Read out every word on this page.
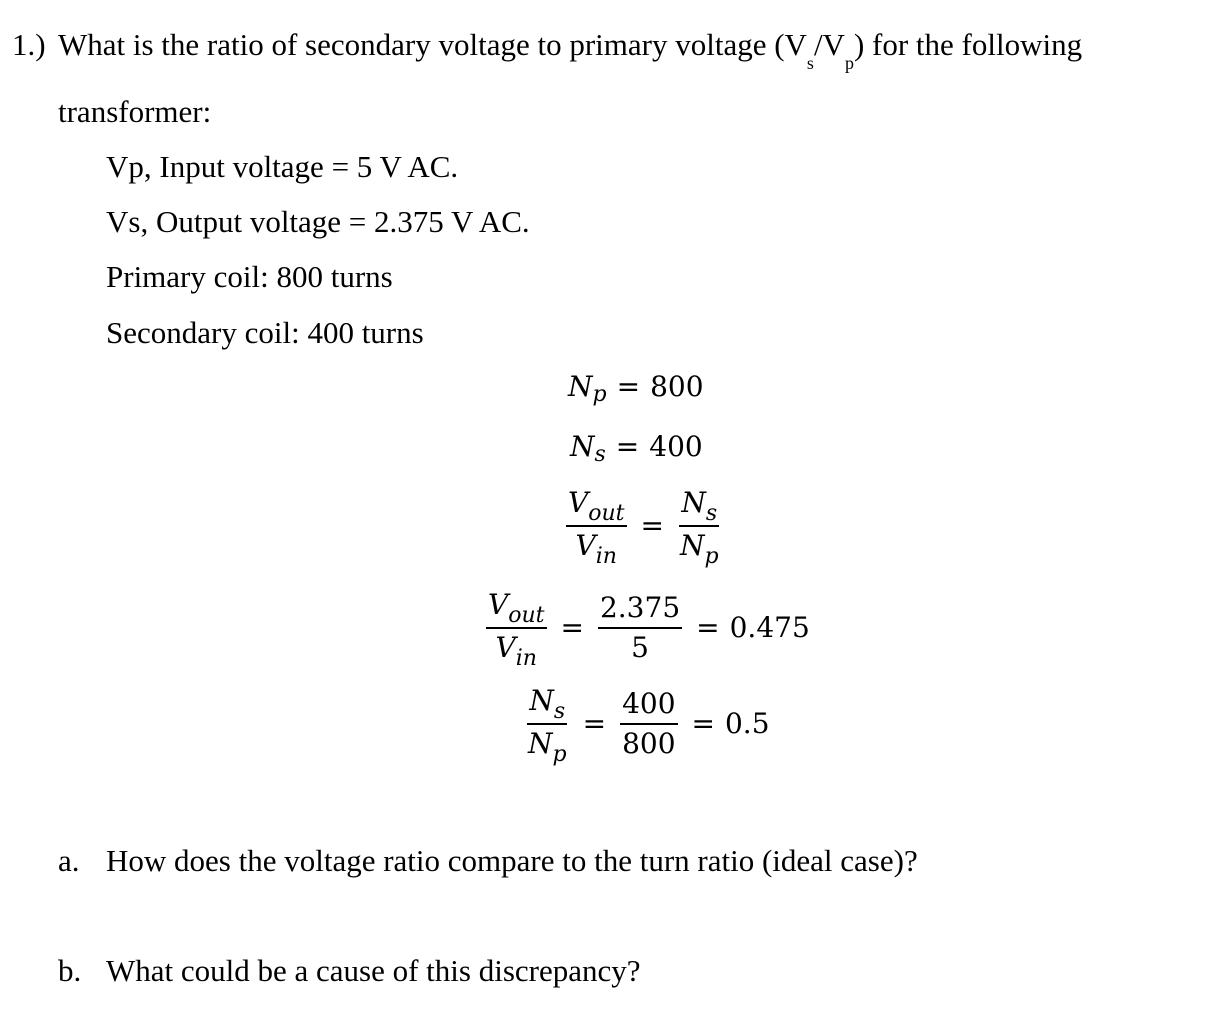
1.) What is the ratio of secondary voltage to primary voltage $(V_s/V_p)$ for the following
transformer:
Vp, Input voltage = 5 V AC.
Vs, Output voltage = 2.375 V AC.
Primary coil: 800 turns
Secondary coil: 400 turns
N p = 800
N s = 400
$\frac{V_{out}}{V_{in}} = \frac{N_s}{N_p}$
$\frac{V_{out}}{V_{in}} = \frac{2.375}{5} = 0.475$
$\frac{N_s}{N_p} = \frac{400}{800} = 0.5$
a. How does the voltage ratio compare to the turn ratio (ideal case)?
b. What could be a cause of this discrepancy?
